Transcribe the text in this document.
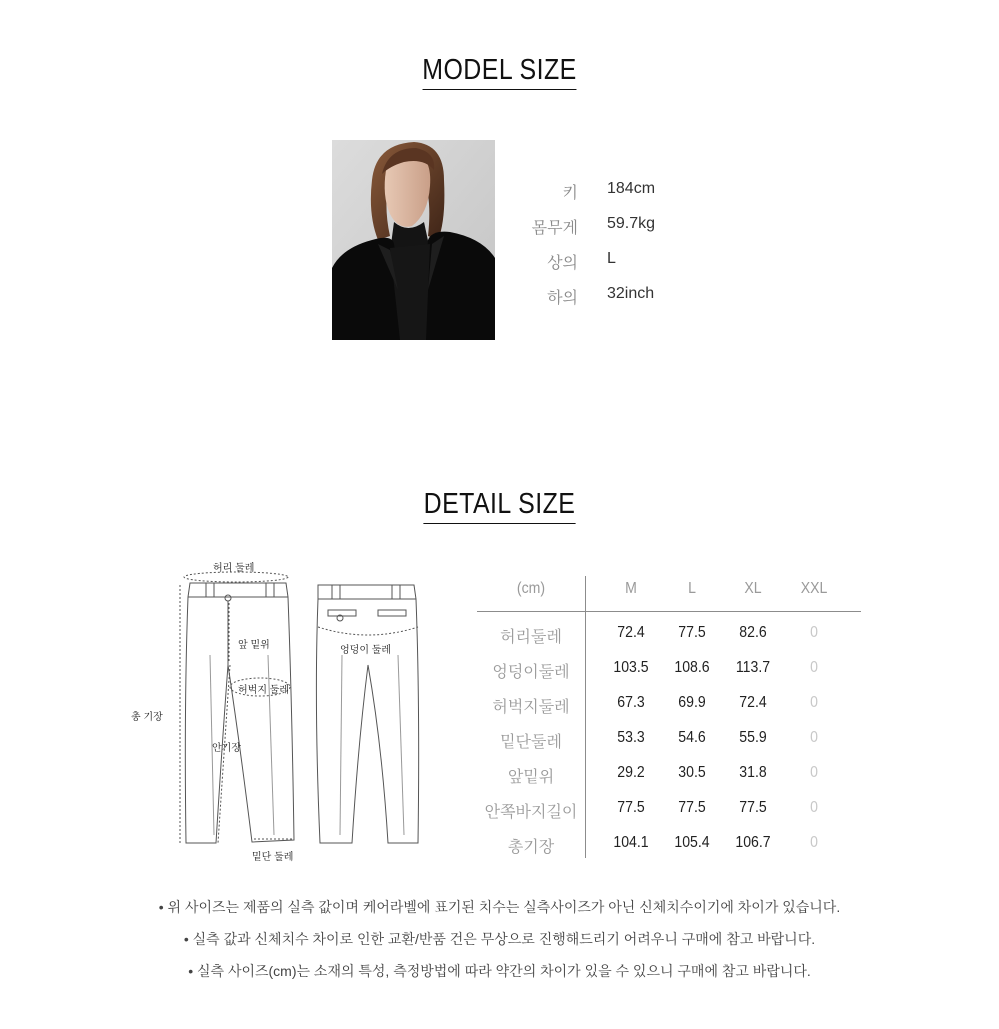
MODEL SIZE
키 184cm
몸무게 59.7kg
상의 L
하의 32inch
DETAIL SIZE
허리 둘레
앞 밑위
허벅지 둘레
총 기장
안기장
밑단 둘레
엉덩이 둘레
(cm)	M	L	XL	XXL
허리둘레	72.4	77.5	82.6	0
엉덩이둘레	103.5	108.6	113.7	0
허벅지둘레	67.3	69.9	72.4	0
밑단둘레	53.3	54.6	55.9	0
앞밑위	29.2	30.5	31.8	0
안쪽바지길이	77.5	77.5	77.5	0
총기장	104.1	105.4	106.7	0
• 위 사이즈는 제품의 실측 값이며 케어라벨에 표기된 치수는 실측사이즈가 아닌 신체치수이기에 차이가 있습니다.
• 실측 값과 신체치수 차이로 인한 교환/반품 건은 무상으로 진행해드리기 어려우니 구매에 참고 바랍니다.
• 실측 사이즈(cm)는 소재의 특성, 측정방법에 따라 약간의 차이가 있을 수 있으니 구매에 참고 바랍니다.
